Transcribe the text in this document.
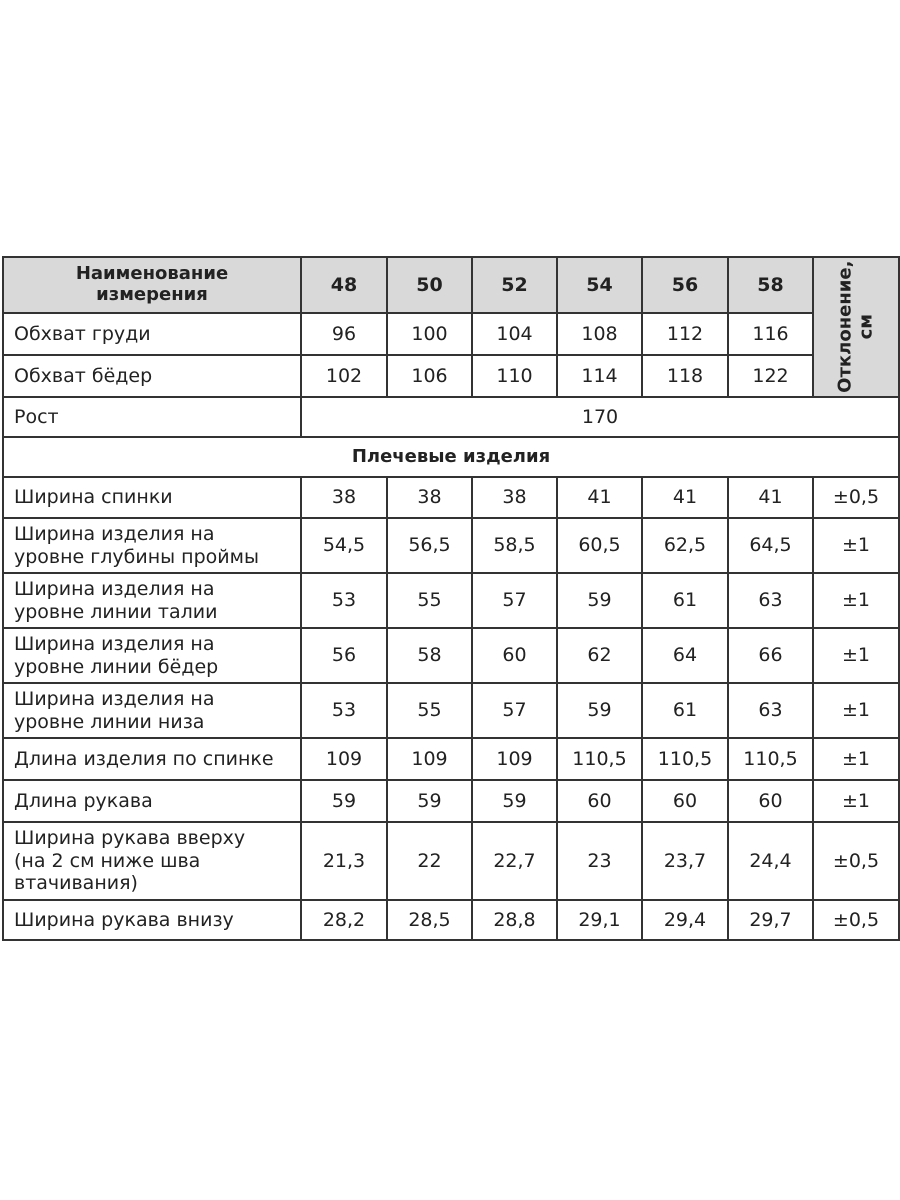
Наименование
измерения	48	50	52	54	56	58	Отклонение, см

Обхват груди	96	100	104	108	112	116	
Обхват бёдер	102	106	110	114	118	122	
Рост	170						
Плечевые изделия							
Ширина спинки	38	38	38	41	41	41	±0,5
Ширина изделия на
уровне глубины проймы	54,5	56,5	58,5	60,5	62,5	64,5	±1
Ширина изделия на
уровне линии талии	53	55	57	59	61	63	±1
Ширина изделия на
уровне линии бёдер	56	58	60	62	64	66	±1
Ширина изделия на
уровне линии низа	53	55	57	59	61	63	±1
Длина изделия по спинке	109	109	109	110,5	110,5	110,5	±1
Длина рукава	59	59	59	60	60	60	±1
Ширина рукава вверху
(на 2 см ниже шва
втачивания)	21,3	22	22,7	23	23,7	24,4	±0,5
Ширина рукава внизу	28,2	28,5	28,8	29,1	29,4	29,7	±0,5
